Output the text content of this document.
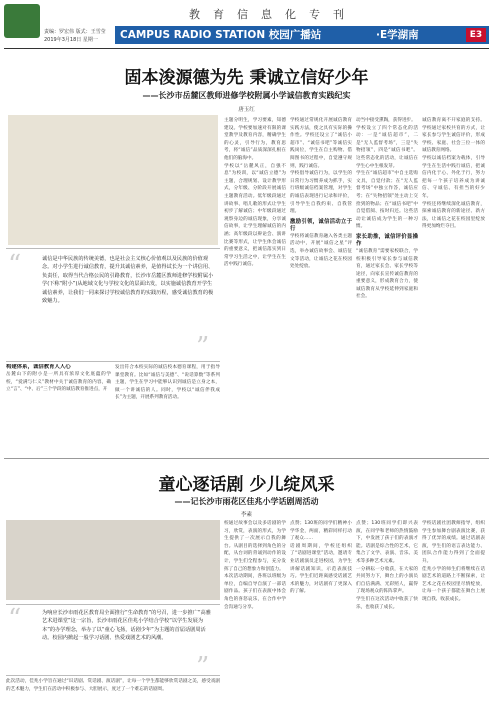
教育信息化专刊
责编：罗宏伟 版式：王雪莹
2019年3月18日 星期一 CAMPUS RADIO STATION 校园广播站	·E学湖南	E3
固本浚源德为先 秉诚立信好少年
——长沙市岳麓区教师进修学校附属小学诚信教育实践纪实
唐玉红
“	诚信是中华民族的传统美德，也是社会主义核心价值观以及民族的价值观念。对小学生进行诚信教育，提升其诚信素养，是值得试长为一个讲信用、负责任，取得当代合格公民的引路教育，长沙市岳麓区教师进修学校附属小学(下称“附小”)从地域文化与学校文化的层面出发，以实施诚信教育开学生诚信素养，让我们一同来探讨学校诚信教育的实践历程，感受诚信教育的极致魅力。
”
构建体系，诚信教育人人心
岳麓山下的附小是一所具有浓厚文化底蕴的学校，“爱满与仁义”教材中关于诚信教育的内容，确立“言”、“中、后”三个学段的诚信教育推进点，开
发出符合本校实际的诚信校本德育课程，用于指导课堂教育。比如“诚信与美德”、“说话算数”等系列主题，学生在学习中能够认识到诚信是立身之本，做一个讲诚信的人。同时，学校以“诚信伴我成长”为主题，开展系列教育活动。
主题分明生，学习要素，知德建设。学校要加速对有限的课堂教学及教育内容，精确学生的心灵，引导行为，教育思考，将“诚信”品质深深扎根在他们的脑海中。
学校以“岳麓风正，自强不息”为校训，以“诚信立德”为主题，合理规划、设计教学形式，分年级、分阶段开展诚信主题教育活动。低年级段通过讲故事、唱儿歌的形式让学生初步了解诚信；中年级段通过观察身边的诚信现象，分享诚信故事，让学生理解诚信的内涵；高年级段以辩论会、演讲比赛等形式，让学生体会诚信的重要意义，把诚信落实到日常学习生活之中，让学生在生活中践行诚信。
学校通过常规化开展诚信教育实践方法，使之具有实际的操作性。学校还设立了“诚信小超市”、“诚信书吧”等诚信实践岗位，学生在自主购物、借阅图书的过程中，自觉遵守规则，践行诚信。
学校倡导诚信行为，以学生的日常行为习惯养成为抓手，实行班级诚信档案管理，对学生的诚信表现进行记录和评价，引导学生自我约束、自我管理。
激励引领，诚信活动立于行
学校将诚信教育融入各类主题活动中，开展“诚信之星”评选，举办诚信故事会、诚信征文等活动，让诚信之花在校园处处绽放。
动当中接受熏陶，获得进步。
学校设立了四个常态化的活动：一是“诚信超市”，二是“无人监督考场”，三是“失物招领”，四是“诚信书吧”。这些常态化的活动，让诚信在学生心中生根发芽。
学生在“诚信超市”中自主选购文具，自觉付款；在“无人监督考场”中独立作答，诚信应考；在“失物招领”处主动上交捡到的物品；在“诚信书吧”中自觉借阅、按时归还。这些活动让诚信成为学生的一种习惯。
家长助推，诚信评价显操作
“诚信教育”需要家校联合，学校积极引导家长参与诚信教育，通过家长会、家长学校等途径，向家长宣传诚信教育的重要意义，形成教育合力，使诚信教育从学校延伸到家庭和社会。
诚信教育离不开家庭的支持。学校通过家校共育的方式，让家长参与学生诚信评价，形成学校、家庭、社会三位一体的诚信教育网络。
学校以诚信档案为载体，引导学生在生活中践行诚信，把诚信内化于心、外化于行，努力把每一个孩子培养成为讲诚信、守诚信、有担当的好少年。
学校还将继续深化诚信教育，探索诚信教育的新途径、新方法，让诚信之花在校园里绽放得更加绚烂夺目。
童心逐话剧 少儿绽风采
——记长沙市雨花区佳兆小学话剧周活动
李素
“	为响应长沙市雨花区教育局全面推行“生命教育”的号召，进一步推广“高雅艺术进课堂”这一宗旨，长沙市雨花区佳兆小学结合学校“以学生发展为本”的办学理念，举办了以“童心飞扬，话剧少年”为主题的首届话剧周活动。校园内掀起一股学习话剧、热爱戏剧艺术的风潮。
”
此次活动，佳兆小学旨在通过“识话剧、赏话剧、演话剧”，让每一个学生都能够欣赏话剧之美，感受戏剧的艺术魅力，学生们在活动中积极参与、大胆展示，度过了一个难忘的话剧周。
校通过故事会以及多话剧的学习，欣赏，表演的形式，为学生提供了一次展示自我的舞台。从剧目的选择到角色的分配，从台词的背诵到动作的设计，学生们全程参与，充分发挥了自己的想象力和创造力。
本次活动期间，各班以班级为单位，自编自导自演了一部话剧作品。孩子们在表演中体会角色的喜怒哀乐，在合作中学会沟通与分享。
点赞；130班的同学们精神小学华金，两面，精彩同样打动了观众……
话剧周期间，学校还组织了“话剧进课堂”活动，邀请专业话剧演员走进校园，为学生讲解话剧知识，示范表演技巧。学生们近距离感受话剧艺术的魅力，对话剧有了更深入的了解。
点赞；130班同学们即兴表演，在同学和老师的热情鼓励下，中发展了孩子们的表演才能。话剧是综合性的艺术，它集合了文学、表演、音乐、美术等多种艺术元素。
一分耕耘一分收获，在大家的共同努力下，舞台上的小演员们自信满满、光彩照人，赢得了现场观众的阵阵掌声。
学生们在这次活动中收获了快乐，也收获了成长。
学校话剧社团教师指导，组织学生参加舞台剧表演比赛，获得了优异的成绩。通过话剧表演，学生们的语言表达能力、团队合作能力得到了全面提升。
佳兆小学的师生们将继续在话剧艺术的道路上不断探索，让艺术之花在校园里尽情绽放，让每一个孩子都能在舞台上展现自我、收获成长。
